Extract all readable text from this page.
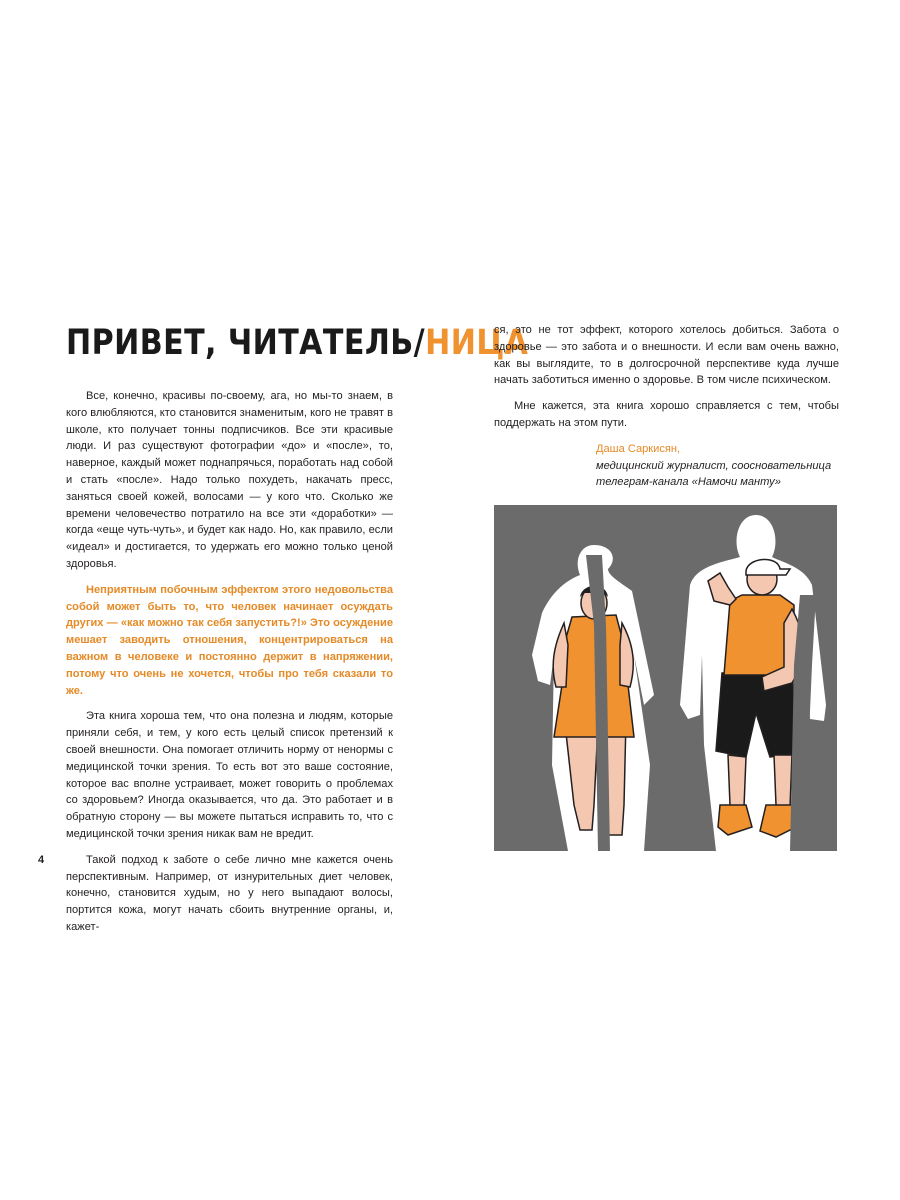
ПРИВЕТ, ЧИТАТЕЛЬ/НИЦА

Все, конечно, красивы по-своему, ага, но мы-то знаем, в кого влюбляются, кто становится знаменитым, кого не травят в школе, кто получает тонны подписчиков. Все эти красивые люди. И раз существуют фотографии «до» и «после», то, наверное, каждый может поднапрячься, поработать над собой и стать «после». Надо только похудеть, накачать пресс, заняться своей кожей, волосами — у кого что. Сколько же времени человечество потратило на все эти «доработки» — когда «еще чуть-чуть», и будет как надо. Но, как правило, если «идеал» и достигается, то удержать его можно только ценой здоровья.

Неприятным побочным эффектом этого недовольства собой может быть то, что человек начинает осуждать других — «как можно так себя запустить?!» Это осуждение мешает заводить отношения, концентрироваться на важном в человеке и постоянно держит в напряжении, потому что очень не хочется, чтобы про тебя сказали то же.

Эта книга хороша тем, что она полезна и людям, которые приняли себя, и тем, у кого есть целый список претензий к своей внешности. Она помогает отличить норму от ненормы с медицинской точки зрения. То есть вот это ваше состояние, которое вас вполне устраивает, может говорить о проблемах со здоровьем? Иногда оказывается, что да. Это работает и в обратную сторону — вы можете пытаться исправить то, что с медицинской точки зрения никак вам не вредит.

Такой подход к заботе о себе лично мне кажется очень перспективным. Например, от изнурительных диет человек, конечно, становится худым, но у него выпадают волосы, портится кожа, могут начать сбоить внутренние органы, и, кажет-

4

ся, это не тот эффект, которого хотелось добиться. Забота о здоровье — это забота и о внешности. И если вам очень важно, как вы выглядите, то в долгосрочной перспективе куда лучше начать заботиться именно о здоровье. В том числе психическом.

Мне кажется, эта книга хорошо справляется с тем, чтобы поддержать на этом пути.

Даша Саркисян,
медицинский журналист, соосновательница
телеграм-канала «Намочи манту»
